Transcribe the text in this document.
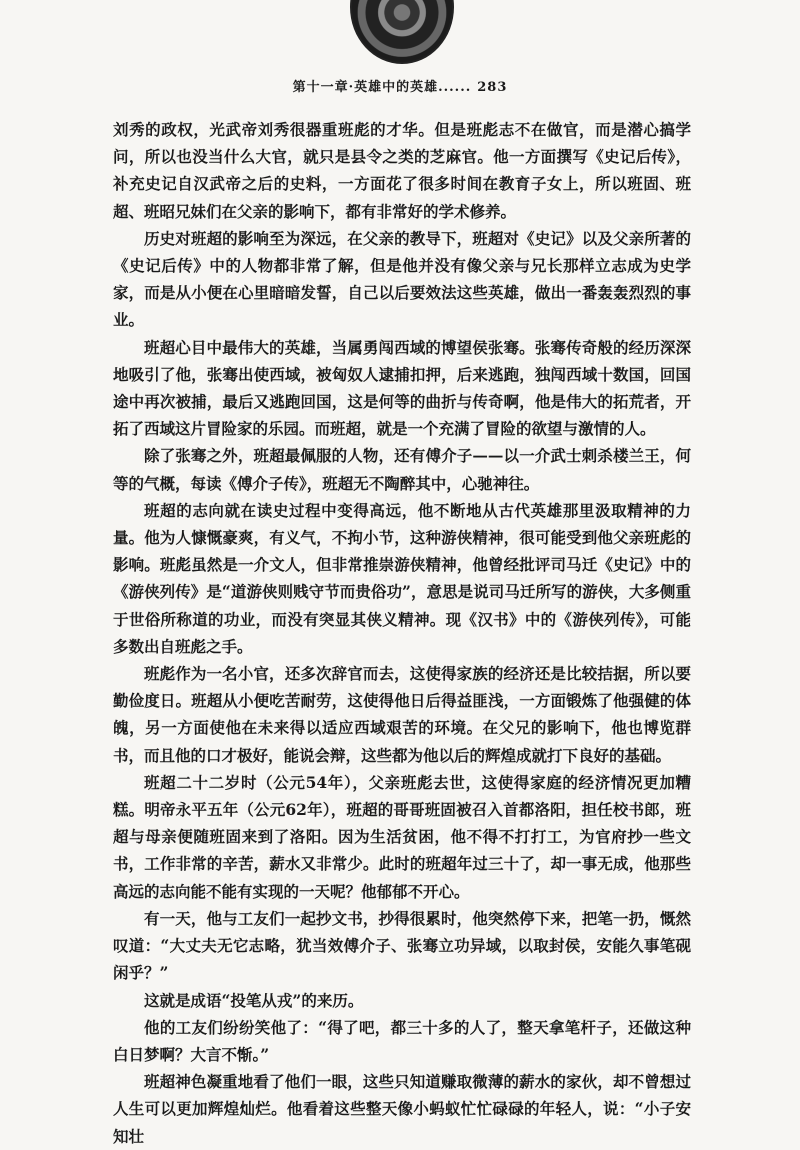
第十一章·英雄中的英雄...... 283

刘秀的政权，光武帝刘秀很器重班彪的才华。但是班彪志不在做官，而是潜心搞学问，所以也没当什么大官，就只是县令之类的芝麻官。他一方面撰写《史记后传》，补充史记自汉武帝之后的史料，一方面花了很多时间在教育子女上，所以班固、班超、班昭兄妹们在父亲的影响下，都有非常好的学术修养。

历史对班超的影响至为深远，在父亲的教导下，班超对《史记》以及父亲所著的《史记后传》中的人物都非常了解，但是他并没有像父亲与兄长那样立志成为史学家，而是从小便在心里暗暗发誓，自己以后要效法这些英雄，做出一番轰轰烈烈的事业。

班超心目中最伟大的英雄，当属勇闯西域的博望侯张骞。张骞传奇般的经历深深地吸引了他，张骞出使西域，被匈奴人逮捕扣押，后来逃跑，独闯西域十数国，回国途中再次被捕，最后又逃跑回国，这是何等的曲折与传奇啊，他是伟大的拓荒者，开拓了西域这片冒险家的乐园。而班超，就是一个充满了冒险的欲望与激情的人。

除了张骞之外，班超最佩服的人物，还有傅介子——以一介武士刺杀楼兰王，何等的气概，每读《傅介子传》，班超无不陶醉其中，心驰神往。

班超的志向就在读史过程中变得高远，他不断地从古代英雄那里汲取精神的力量。他为人慷慨豪爽，有义气，不拘小节，这种游侠精神，很可能受到他父亲班彪的影响。班彪虽然是一介文人，但非常推崇游侠精神，他曾经批评司马迁《史记》中的《游侠列传》是“道游侠则贱守节而贵俗功”，意思是说司马迁所写的游侠，大多侧重于世俗所称道的功业，而没有突显其侠义精神。现《汉书》中的《游侠列传》，可能多数出自班彪之手。

班彪作为一名小官，还多次辞官而去，这使得家族的经济还是比较拮据，所以要勤俭度日。班超从小便吃苦耐劳，这使得他日后得益匪浅，一方面锻炼了他强健的体魄，另一方面使他在未来得以适应西域艰苦的环境。在父兄的影响下，他也博览群书，而且他的口才极好，能说会辩，这些都为他以后的辉煌成就打下良好的基础。

班超二十二岁时（公元54年），父亲班彪去世，这使得家庭的经济情况更加糟糕。明帝永平五年（公元62年），班超的哥哥班固被召入首都洛阳，担任校书郎，班超与母亲便随班固来到了洛阳。因为生活贫困，他不得不打打工，为官府抄一些文书，工作非常的辛苦，薪水又非常少。此时的班超年过三十了，却一事无成，他那些高远的志向能不能有实现的一天呢？他郁郁不开心。

有一天，他与工友们一起抄文书，抄得很累时，他突然停下来，把笔一扔，慨然叹道：“大丈夫无它志略，犹当效傅介子、张骞立功异域，以取封侯，安能久事笔砚闲乎？”

这就是成语“投笔从戎”的来历。

他的工友们纷纷笑他了：“得了吧，都三十多的人了，整天拿笔杆子，还做这种白日梦啊？大言不惭。”

班超神色凝重地看了他们一眼，这些只知道赚取微薄的薪水的家伙，却不曾想过人生可以更加辉煌灿烂。他看着这些整天像小蚂蚁忙忙碌碌的年轻人，说：“小子安知壮
